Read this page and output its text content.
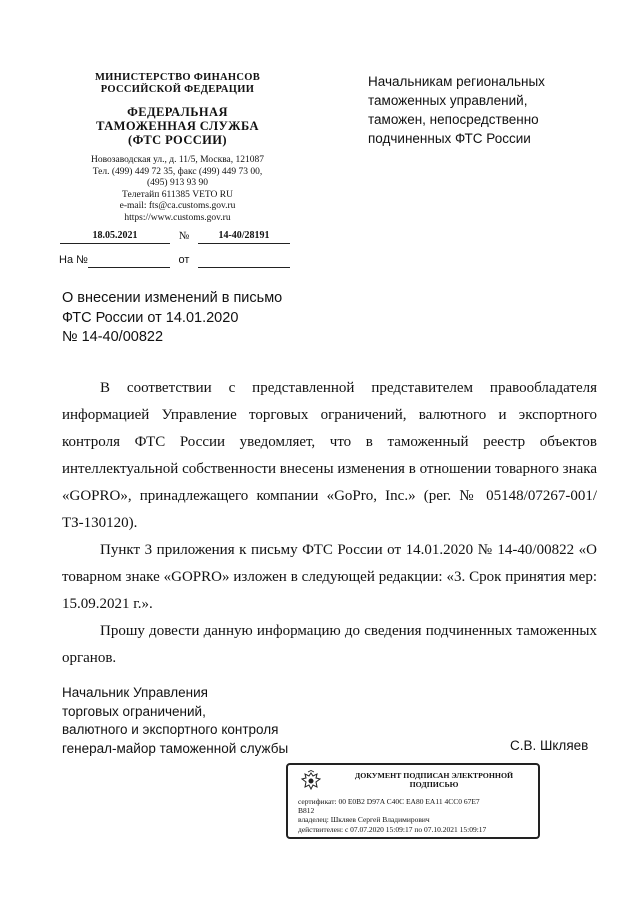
МИНИСТЕРСТВО ФИНАНСОВ
РОССИЙСКОЙ ФЕДЕРАЦИИ
ФЕДЕРАЛЬНАЯ
ТАМОЖЕННАЯ СЛУЖБА
(ФТС РОССИИ)
Новозаводская ул., д. 11/5, Москва, 121087
Тел. (499) 449 72 35, факс (499) 449 73 00,
(495) 913 93 90
Телетайп 611385 VETO RU
e-mail: fts@ca.customs.gov.ru
https://www.customs.gov.ru
18.05.2021	№	14-40/28191
На №	от
Начальникам региональных
таможенных управлений,
таможен, непосредственно
подчиненных ФТС России
О внесении изменений в письмо
ФТС России от 14.01.2020
№ 14-40/00822

В соответствии с представленной представителем правообладателя информацией Управление торговых ограничений, валютного и экспортного контроля ФТС России уведомляет, что в таможенный реестр объектов интеллектуальной собственности внесены изменения в отношении товарного знака «GOPRO», принадлежащего компании «GoPro, Inc.» (рег. № 05148/07267-001/ТЗ-130120).

Пункт 3 приложения к письму ФТС России от 14.01.2020 № 14-40/00822 «О товарном знаке «GOPRO» изложен в следующей редакции: «3. Срок принятия мер: 15.09.2021 г.».

Прошу довести данную информацию до сведения подчиненных таможенных органов.

Начальник Управления
торговых ограничений,
валютного и экспортного контроля
генерал-майор таможенной службы	С.В. Шкляев
ДОКУМЕНТ ПОДПИСАН ЭЛЕКТРОННОЙ
ПОДПИСЬЮ
сертификат: 00 E0B2 D97A C40C EA80 EA11 4CC0 67E7
B812
владелец: Шкляев Сергей Владимирович
действителен: с 07.07.2020 15:09:17 по 07.10.2021 15:09:17
